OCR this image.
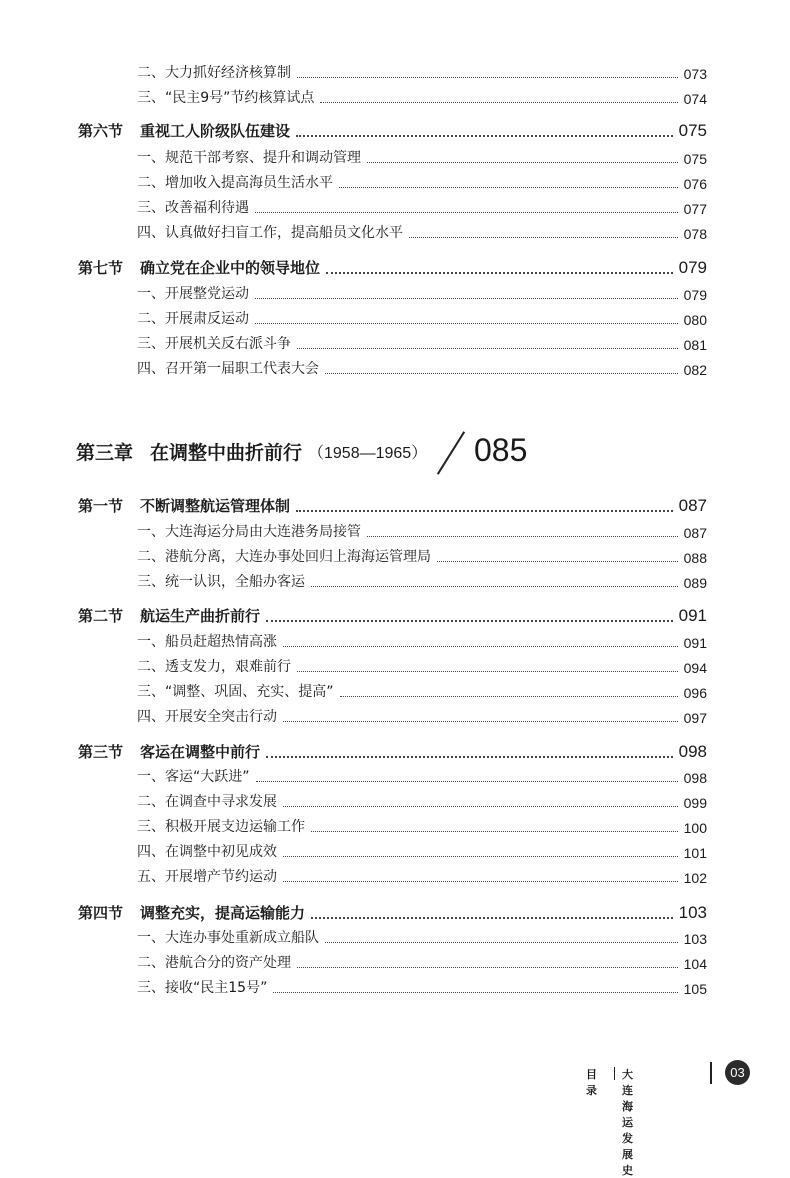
二、大力抓好经济核算制	073
三、“民主9号”节约核算试点	074
第六节	重视工人阶级队伍建设	075
一、规范干部考察、提升和调动管理	075
二、增加收入提高海员生活水平	076
三、改善福利待遇	077
四、认真做好扫盲工作，提高船员文化水平	078
第七节	确立党在企业中的领导地位	079
一、开展整党运动	079
二、开展肃反运动	080
三、开展机关反右派斗争	081
四、召开第一届职工代表大会	082
第三章 在调整中曲折前行 （1958—1965） 085
第一节	不断调整航运管理体制	087
一、大连海运分局由大连港务局接管	087
二、港航分离，大连办事处回归上海海运管理局	088
三、统一认识，全船办客运	089
第二节	航运生产曲折前行	091
一、船员赶超热情高涨	091
二、透支发力，艰难前行	094
三、“调整、巩固、充实、提高”	096
四、开展安全突击行动	097
第三节	客运在调整中前行	098
一、客运“大跃进”	098
二、在调查中寻求发展	099
三、积极开展支边运输工作	100
四、在调整中初见成效	101
五、开展增产节约运动	102
第四节	调整充实，提高运输能力	103
一、大连办事处重新成立船队	103
二、港航合分的资产处理	104
三、接收“民主15号”	105
目录
大连海运发展史
03
